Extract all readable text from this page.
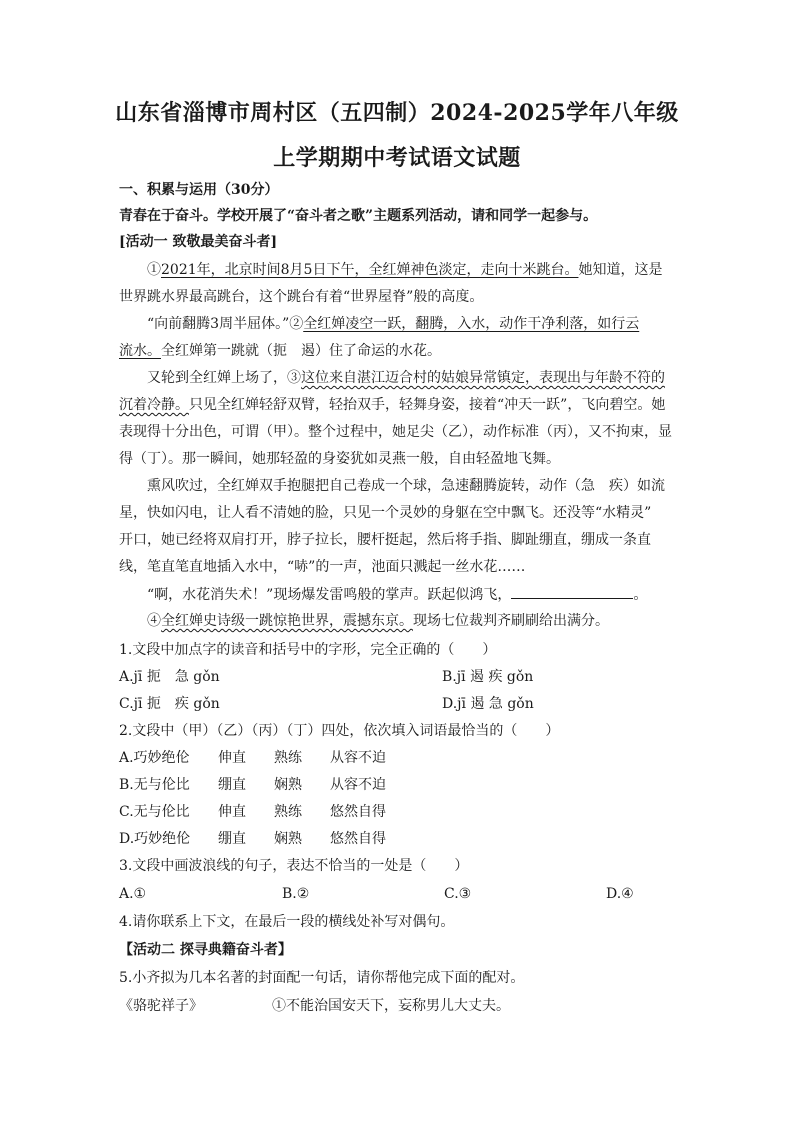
山东省淄博市周村区（五四制）2024-2025学年八年级
上学期期中考试语文试题
一、积累与运用（30分）
青春在于奋斗。学校开展了“奋斗者之歌”主题系列活动，请和同学一起参与。
[活动一 致敬最美奋斗者]
①2021年，北京时间8月5日下午，全红婵神色淡定，走向十米跳台。她知道，这是
世界跳水界最高跳台，这个跳台有着“世界屋脊”般的高度。
“向前翻腾3周半屈体。”②全红婵凌空一跃，翻腾，入水，动作干净利落，如行云
流水。全红婵第一跳就（扼　遏）住了命运的水花。
又轮到全红婵上场了，③这位来自湛江迈合村的姑娘异常镇定，表现出与年龄不符的
沉着冷静。只见全红婵轻舒双臂，轻抬双手，轻舞身姿，接着“冲天一跃”，飞向碧空。她
表现得十分出色，可谓（甲）。整个过程中，她足尖（乙），动作标准（丙），又不拘束，显
得（丁）。那一瞬间，她那轻盈的身姿犹如灵燕一般，自由轻盈地飞舞。
熏风吹过，全红婵双手抱腿把自己卷成一个球，急速翻腾旋转，动作（急　疾）如流
星，快如闪电，让人看不清她的脸，只见一个灵妙的身躯在空中飘飞。还没等“水精灵”
开口，她已经将双肩打开，脖子拉长，腰杆挺起，然后将手指、脚趾绷直，绷成一条直
线，笔直笔直地插入水中，“哧”的一声，池面只溅起一丝水花……
“啊，水花消失术！”现场爆发雷鸣般的掌声。跃起似鸿飞，	。
④全红婵史诗级一跳惊艳世界，震撼东京。现场七位裁判齐刷刷给出满分。
1.文段中加点字的读音和括号中的字形，完全正确的（　　）
A.jī 扼　急 gǒn	B.jī 遏 疾 gǒn
C.jī 扼　疾 gǒn	D.jī 遏 急 gǒn
2.文段中（甲）（乙）（丙）（丁）四处，依次填入词语最恰当的（　　）
A.巧妙绝伦 伸直 熟练 从容不迫
B.无与伦比 绷直 娴熟 从容不迫
C.无与伦比 伸直 熟练 悠然自得
D.巧妙绝伦 绷直 娴熟 悠然自得
3.文段中画波浪线的句子，表达不恰当的一处是（　　）
A.①	B.②	C.③	D.④
4.请你联系上下文，在最后一段的横线处补写对偶句。
【活动二 探寻典籍奋斗者】
5.小齐拟为几本名著的封面配一句话，请你帮他完成下面的配对。
《骆驼祥子》	①不能治国安天下，妄称男儿大丈夫。
